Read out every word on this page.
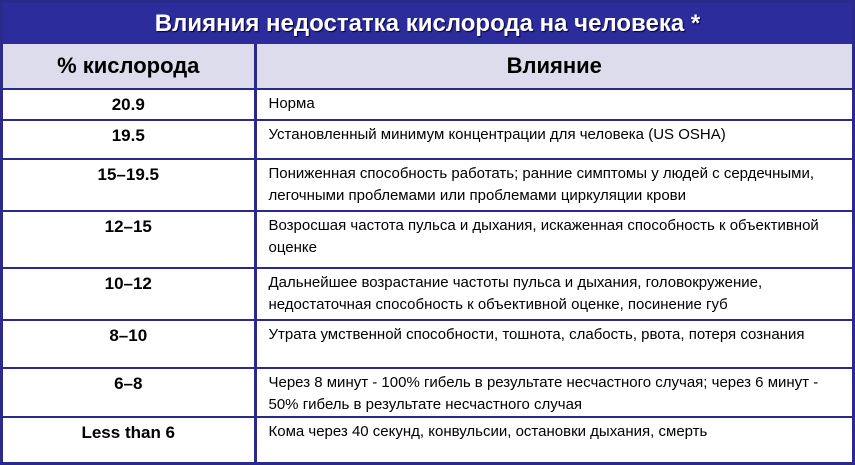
Влияния недостатка кислорода на человека *
% кислорода	Влияние
20.9	Норма
19.5	Установленный минимум концентрации для человека (US OSHA)
15–19.5	Пониженная способность работать; ранние симптомы у людей с сердечными, легочными проблемами или проблемами циркуляции крови
12–15	Возросшая частота пульса и дыхания, искаженная способность к объективной оценке
10–12	Дальнейшее возрастание частоты пульса и дыхания, головокружение, недостаточная способность к объективной оценке, посинение губ
8–10	Утрата умственной способности, тошнота, слабость, рвота, потеря сознания
6–8	Через 8 минут - 100% гибель в результате несчастного случая; через 6 минут - 50% гибель в результате несчастного случая
Less than 6	Кома через 40 секунд, конвульсии, остановки дыхания, смерть
